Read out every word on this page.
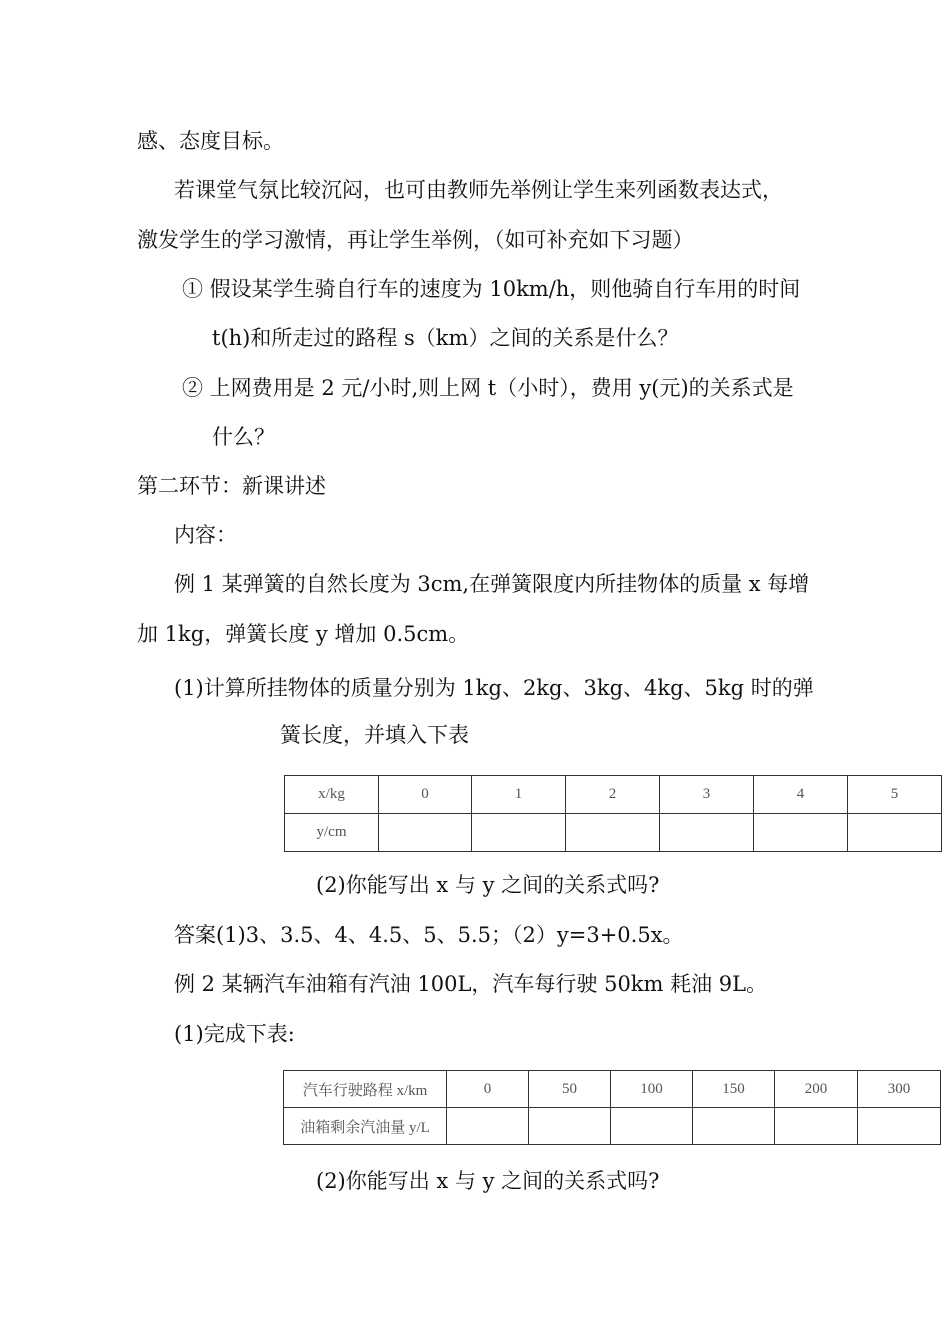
感、态度目标。
若课堂气氛比较沉闷，也可由教师先举例让学生来列函数表达式，
激发学生的学习激情，再让学生举例，（如可补充如下习题）
① 假设某学生骑自行车的速度为 10km/h，则他骑自行车用的时间
t(h)和所走过的路程 s（km）之间的关系是什么？
② 上网费用是 2 元/小时,则上网 t（小时），费用 y(元)的关系式是
什么？
第二环节：新课讲述
内容：
例 1 某弹簧的自然长度为 3cm,在弹簧限度内所挂物体的质量 x 每增
加 1kg，弹簧长度 y 增加 0.5cm。
(1)计算所挂物体的质量分别为 1kg、2kg、3kg、4kg、5kg 时的弹
簧长度，并填入下表
x/kg	0	1	2	3	4	5
y/cm						
(2)你能写出 x 与 y 之间的关系式吗?
答案(1)3、3.5、4、4.5、5、5.5；（2）y=3+0.5x。
例 2 某辆汽车油箱有汽油 100L，汽车每行驶 50km 耗油 9L。
(1)完成下表:
汽车行驶路程 x/km	0	50	100	150	200	300
油箱剩余汽油量 y/L						
(2)你能写出 x 与 y 之间的关系式吗?
